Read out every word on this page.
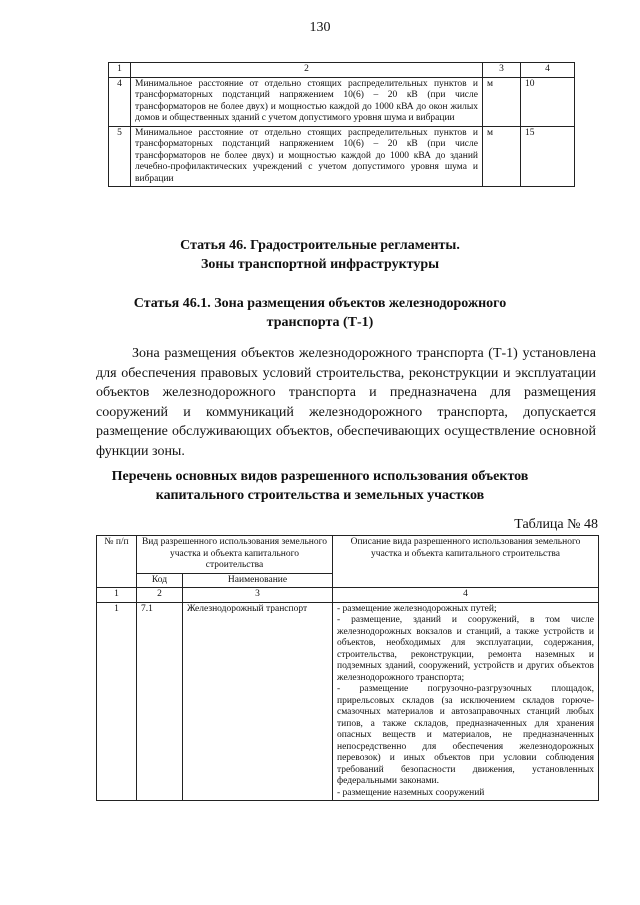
130
1	2	3	4
4	Минимальное расстояние от отдельно стоящих распределительных пунктов и трансформаторных подстанций напряжением 10(6) – 20 кВ (при числе трансформаторов не более двух) и мощностью каждой до 1000 кВА до окон жилых домов и общественных зданий с учетом допустимого уровня шума и вибрации	м	10
5	Минимальное расстояние от отдельно стоящих распределительных пунктов и трансформаторных подстанций напряжением 10(6) – 20 кВ (при числе трансформаторов не более двух) и мощностью каждой до 1000 кВА до зданий лечебно-профилактических учреждений с учетом допустимого уровня шума и вибрации	м	15
Статья 46. Градостроительные регламенты.
Зоны транспортной инфраструктуры
Статья 46.1. Зона размещения объектов железнодорожного
транспорта (Т-1)

Зона размещения объектов железнодорожного транспорта (Т-1) установлена для обеспечения правовых условий строительства, реконструкции и эксплуатации объектов железнодорожного транспорта и предназначена для размещения сооружений и коммуникаций железнодорожного транспорта, допускается размещение обслуживающих объектов, обеспечивающих осуществление основной функции зоны.

Перечень основных видов разрешенного использования объектов
капитального строительства и земельных участков
Таблица № 48
№ п/п	Вид разрешенного использования земельного участка и объекта капитального строительства		Описание вида разрешенного использования земельного участка и объекта капитального строительства
	Код	Наименование	
1	2	3	4
1	7.1	Железнодорожный транспорт	- размещение железнодорожных путей;
- размещение, зданий и сооружений, в том числе железнодорожных вокзалов и станций, а также устройств и объектов, необходимых для эксплуатации, содержания, строительства, реконструкции, ремонта наземных и подземных зданий, сооружений, устройств и других объектов железнодорожного транспорта;
- размещение погрузочно-разгрузочных площадок, прирельсовых складов (за исключением складов горюче-смазочных материалов и автозаправочных станций любых типов, а также складов, предназначенных для хранения опасных веществ и материалов, не предназначенных непосредственно для обеспечения железнодорожных перевозок) и иных объектов при условии соблюдения требований безопасности движения, установленных федеральными законами.
- размещение наземных сооружений
